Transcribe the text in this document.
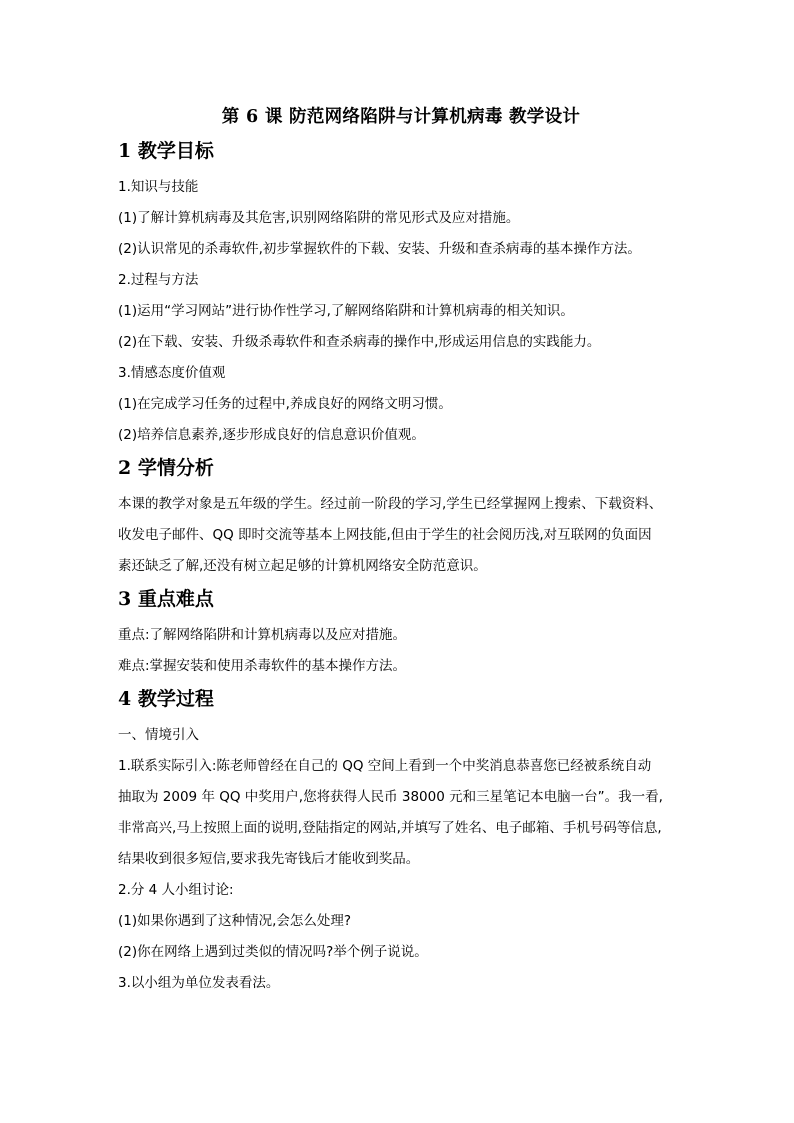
第 6 课 防范网络陷阱与计算机病毒 教学设计
1 教学目标

1.知识与技能

(1)了解计算机病毒及其危害,识别网络陷阱的常见形式及应对措施。

(2)认识常见的杀毒软件,初步掌握软件的下载、安装、升级和查杀病毒的基本操作方法。

2.过程与方法

(1)运用“学习网站”进行协作性学习,了解网络陷阱和计算机病毒的相关知识。

(2)在下载、安装、升级杀毒软件和查杀病毒的操作中,形成运用信息的实践能力。

3.情感态度价值观

(1)在完成学习任务的过程中,养成良好的网络文明习惯。

(2)培养信息素养,逐步形成良好的信息意识价值观。

2 学情分析

本课的教学对象是五年级的学生。经过前一阶段的学习,学生已经掌握网上搜索、下载资料、

收发电子邮件、QQ 即时交流等基本上网技能,但由于学生的社会阅历浅,对互联网的负面因

素还缺乏了解,还没有树立起足够的计算机网络安全防范意识。

3 重点难点

重点:了解网络陷阱和计算机病毒以及应对措施。

难点:掌握安装和使用杀毒软件的基本操作方法。

4 教学过程

一、情境引入

1.联系实际引入:陈老师曾经在自己的 QQ 空间上看到一个中奖消息恭喜您已经被系统自动

抽取为 2009 年 QQ 中奖用户,您将获得人民币 38000 元和三星笔记本电脑一台”。我一看,

非常高兴,马上按照上面的说明,登陆指定的网站,并填写了姓名、电子邮箱、手机号码等信息,

结果收到很多短信,要求我先寄钱后才能收到奖品。

2.分 4 人小组讨论:

(1)如果你遇到了这种情况,会怎么处理?

(2)你在网络上遇到过类似的情况吗?举个例子说说。

3.以小组为单位发表看法。
